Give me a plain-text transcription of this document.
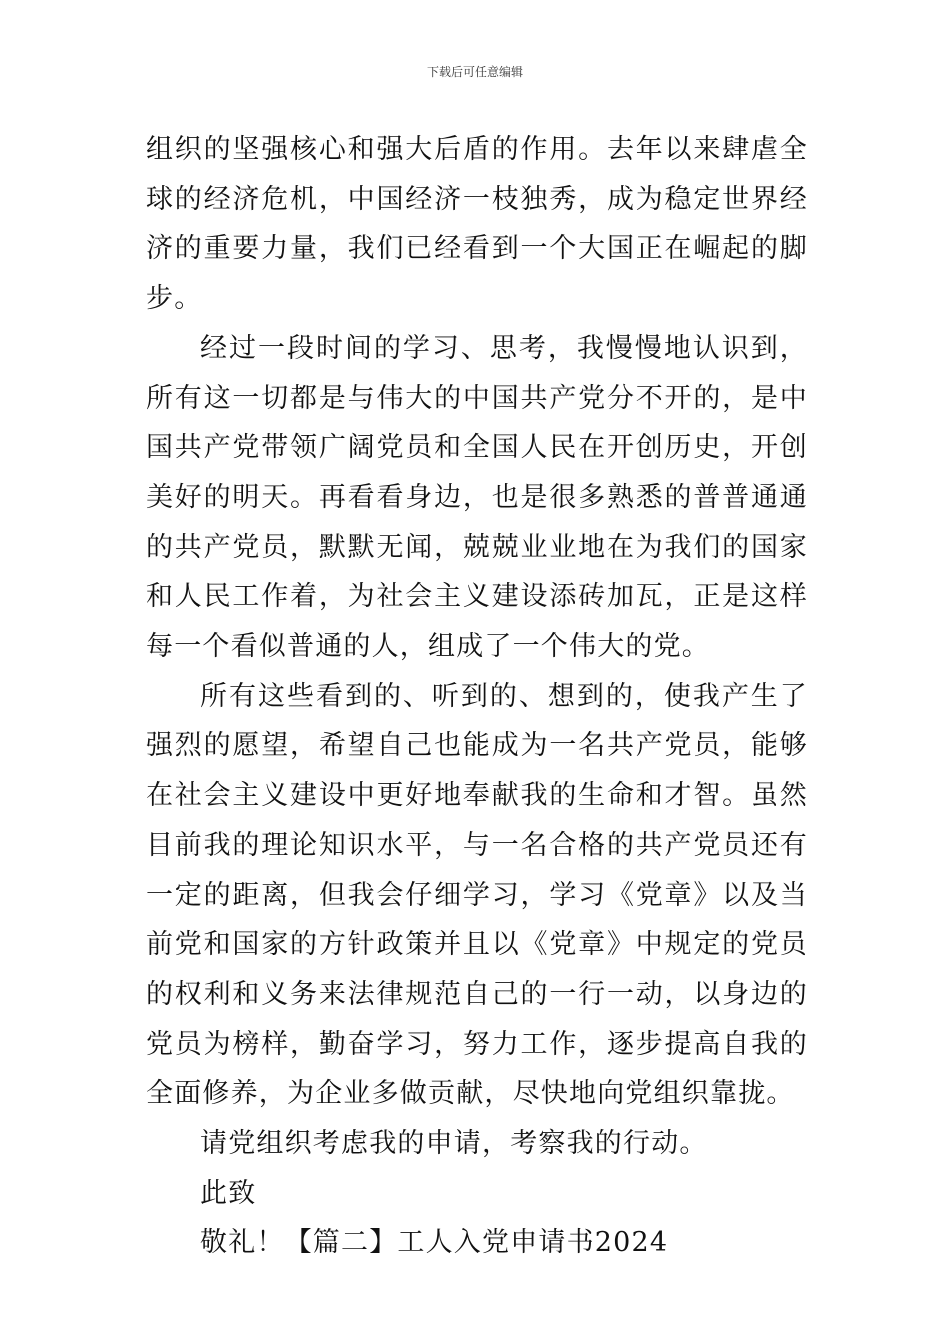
下载后可任意编辑

组织的坚强核心和强大后盾的作用。去年以来肆虐全球的经济危机，中国经济一枝独秀，成为稳定世界经济的重要力量，我们已经看到一个大国正在崛起的脚步。

经过一段时间的学习、思考，我慢慢地认识到，所有这一切都是与伟大的中国共产党分不开的，是中国共产党带领广阔党员和全国人民在开创历史，开创美好的明天。再看看身边，也是很多熟悉的普普通通的共产党员，默默无闻，兢兢业业地在为我们的国家和人民工作着，为社会主义建设添砖加瓦，正是这样每一个看似普通的人，组成了一个伟大的党。

所有这些看到的、听到的、想到的，使我产生了强烈的愿望，希望自己也能成为一名共产党员，能够在社会主义建设中更好地奉献我的生命和才智。虽然目前我的理论知识水平，与一名合格的共产党员还有一定的距离，但我会仔细学习，学习《党章》以及当前党和国家的方针政策并且以《党章》中规定的党员的权利和义务来法律规范自己的一行一动，以身边的党员为榜样，勤奋学习，努力工作，逐步提高自我的全面修养，为企业多做贡献，尽快地向党组织靠拢。

请党组织考虑我的申请，考察我的行动。

此致

敬礼！【篇二】工人入党申请书2024
